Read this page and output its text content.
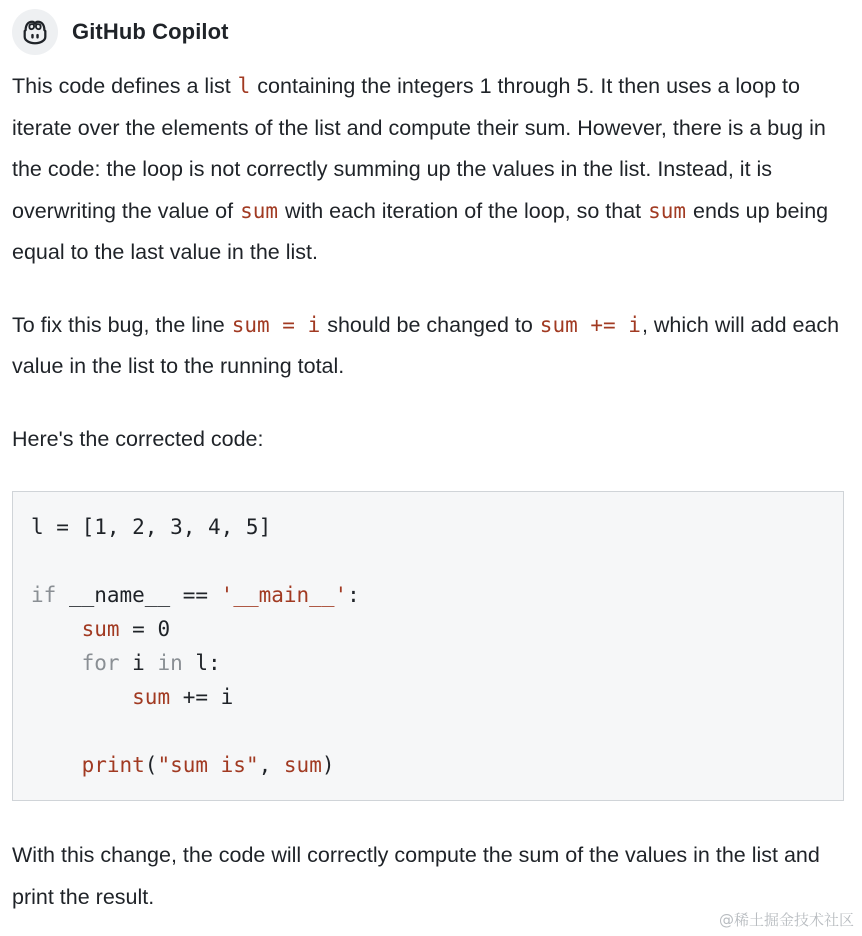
GitHub Copilot

This code defines a list l containing the integers 1 through 5. It then uses a loop to iterate over the elements of the list and compute their sum. However, there is a bug in the code: the loop is not correctly summing up the values in the list. Instead, it is overwriting the value of sum with each iteration of the loop, so that sum ends up being equal to the last value in the list.

To fix this bug, the line sum = i should be changed to sum += i, which will add each value in the list to the running total.

Here's the corrected code:

l = [1, 2, 3, 4, 5]

if __name__ == '__main__':
sum = 0
for i in l:
sum += i

print("sum is", sum)

With this change, the code will correctly compute the sum of the values in the list and print the result.

@稀土掘金技术社区
